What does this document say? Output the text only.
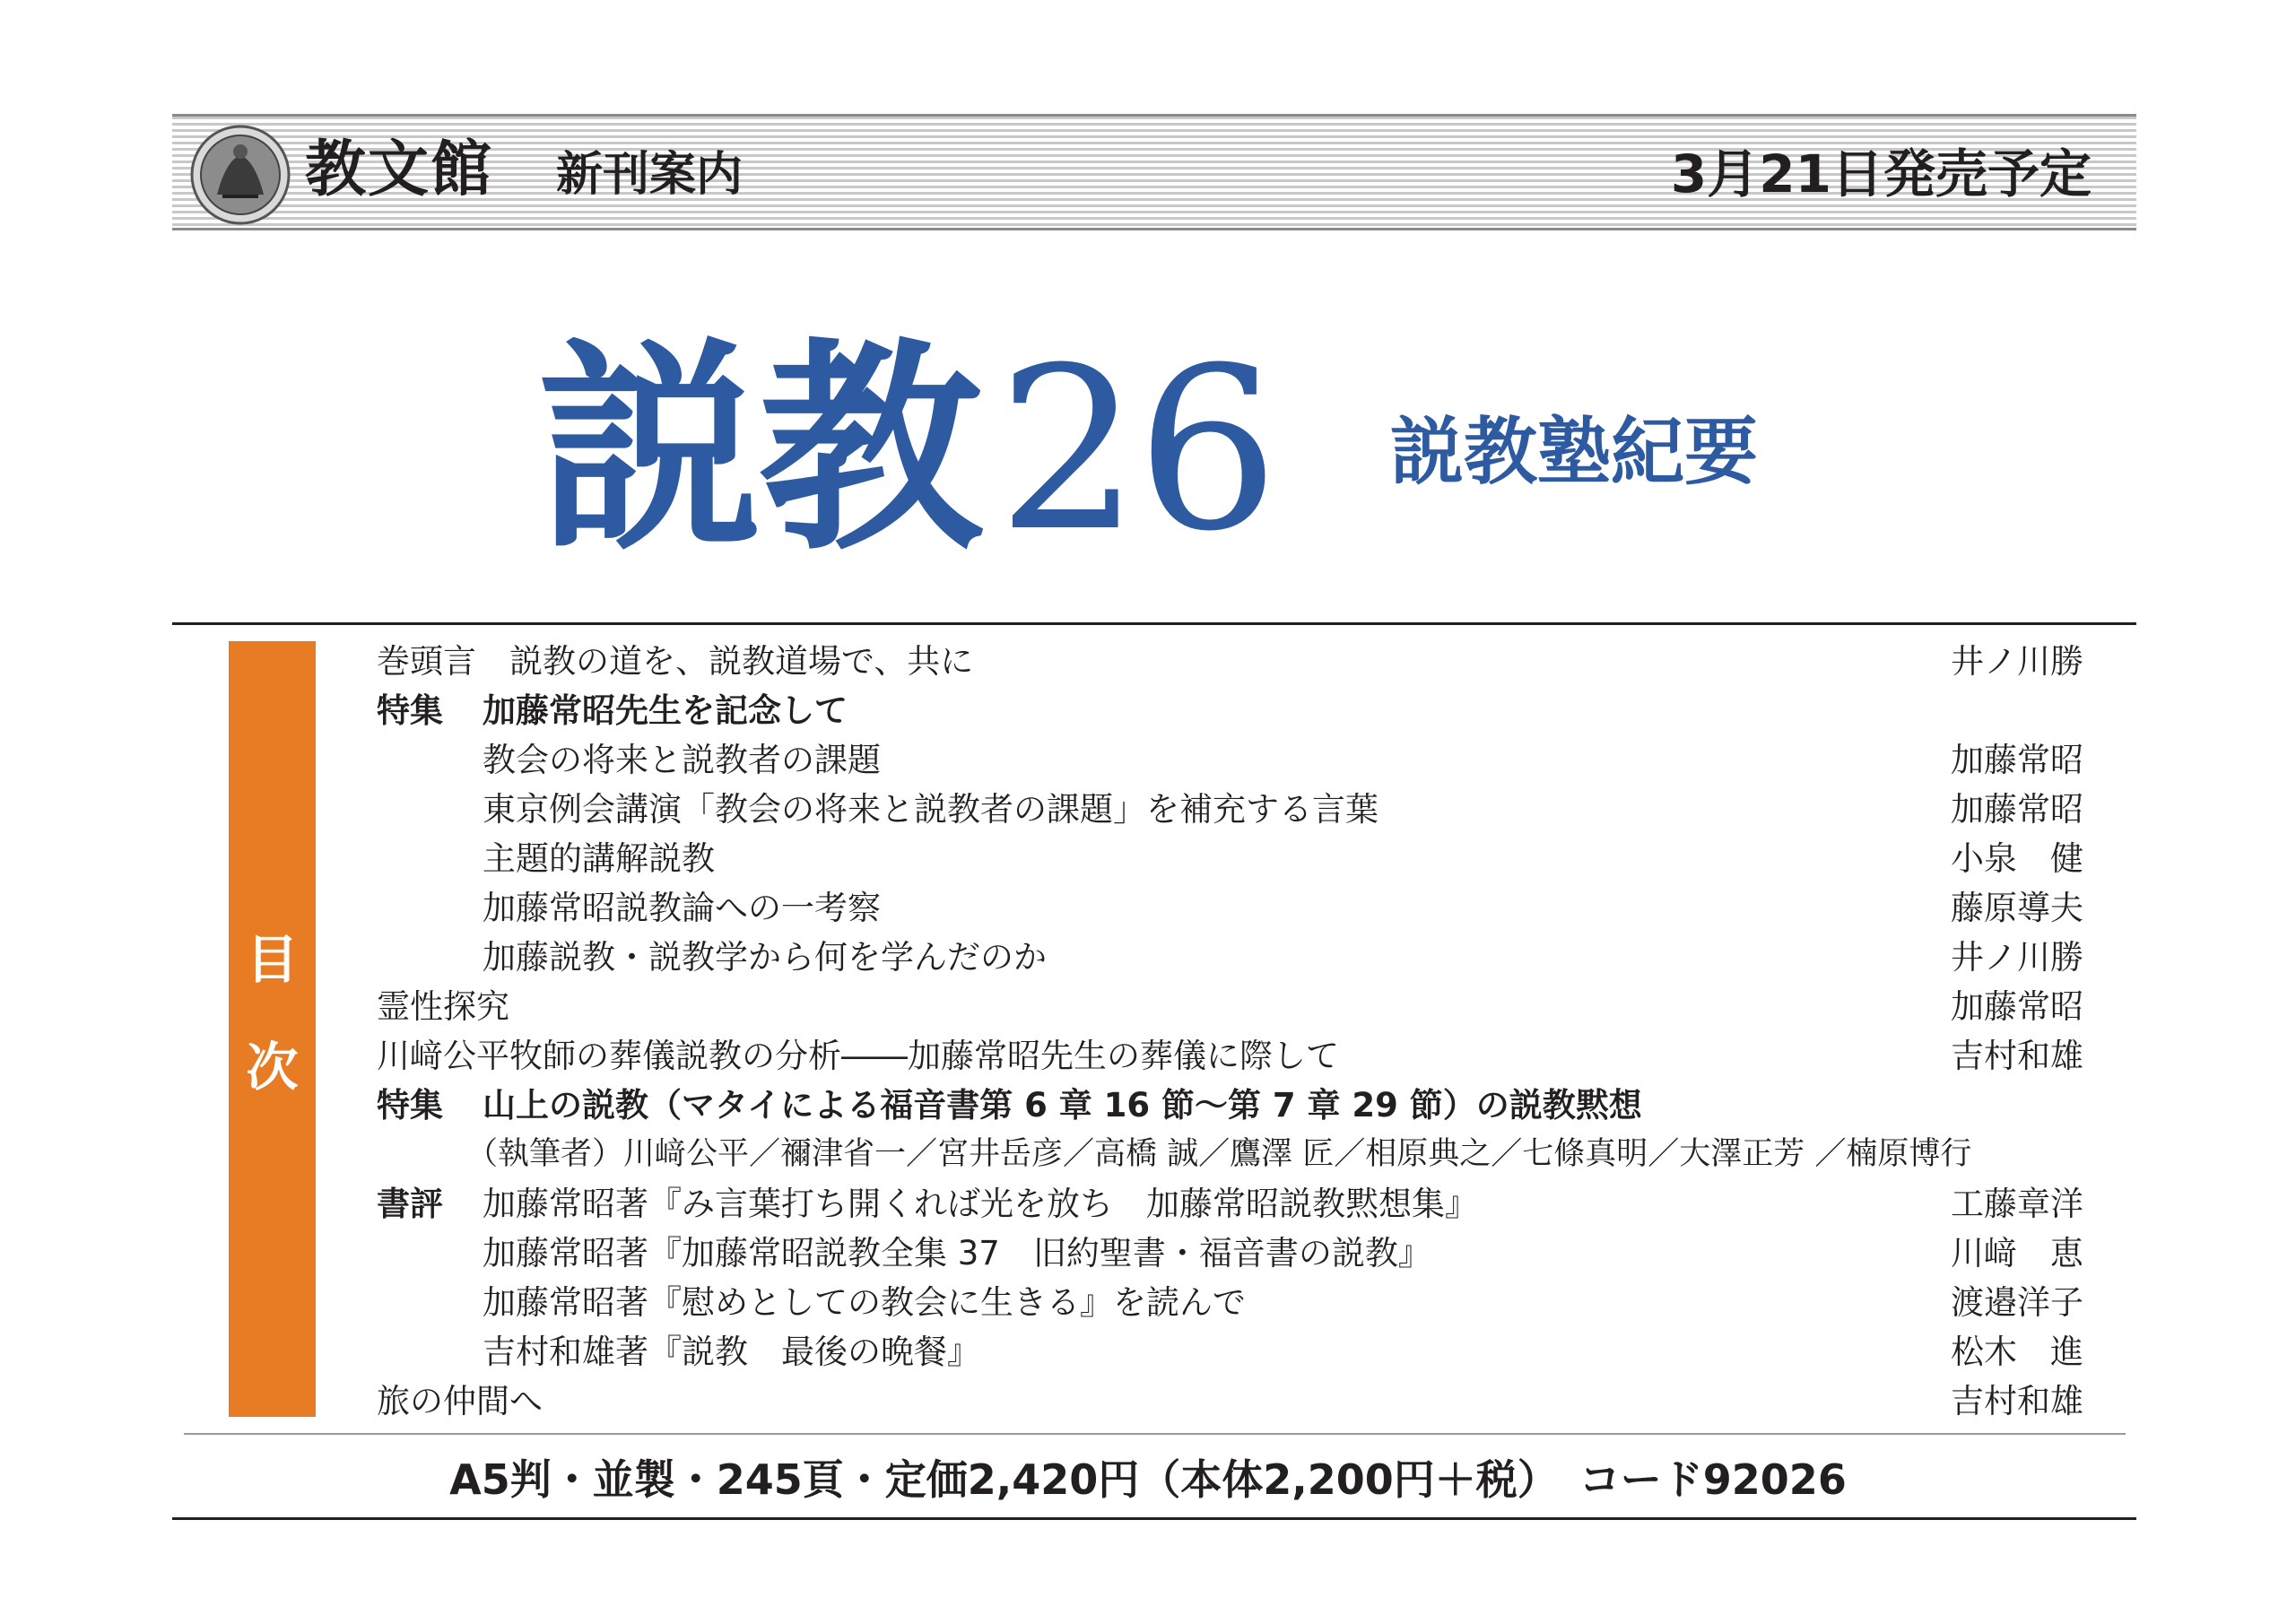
教文館 新刊案内	3月21日発売予定
説教26 説教塾紀要
目
次
巻頭言　説教の道を、説教道場で、共に	井ノ川勝
特集 加藤常昭先生を記念して
教会の将来と説教者の課題	加藤常昭
東京例会講演「教会の将来と説教者の課題」を補充する言葉	加藤常昭
主題的講解説教	小泉　健
加藤常昭説教論への一考察	藤原導夫
加藤説教・説教学から何を学んだのか	井ノ川勝
霊性探究	加藤常昭
川﨑公平牧師の葬儀説教の分析――加藤常昭先生の葬儀に際して	吉村和雄
特集 山上の説教（マタイによる福音書第 6 章 16 節～第 7 章 29 節）の説教黙想
（執筆者）川﨑公平／禰津省一／宮井岳彦／高橋 誠／鷹澤 匠／相原典之／七條真明／大澤正芳 ／楠原博行
書評 加藤常昭著『み言葉打ち開くれば光を放ち　加藤常昭説教黙想集』	工藤章洋
加藤常昭著『加藤常昭説教全集 37　旧約聖書・福音書の説教』	川﨑　恵
加藤常昭著『慰めとしての教会に生きる』を読んで	渡邉洋子
吉村和雄著『説教　最後の晩餐』	松木　進
旅の仲間へ	吉村和雄
A5判・並製・245頁・定価2,420円（本体2,200円＋税）　コード92026
